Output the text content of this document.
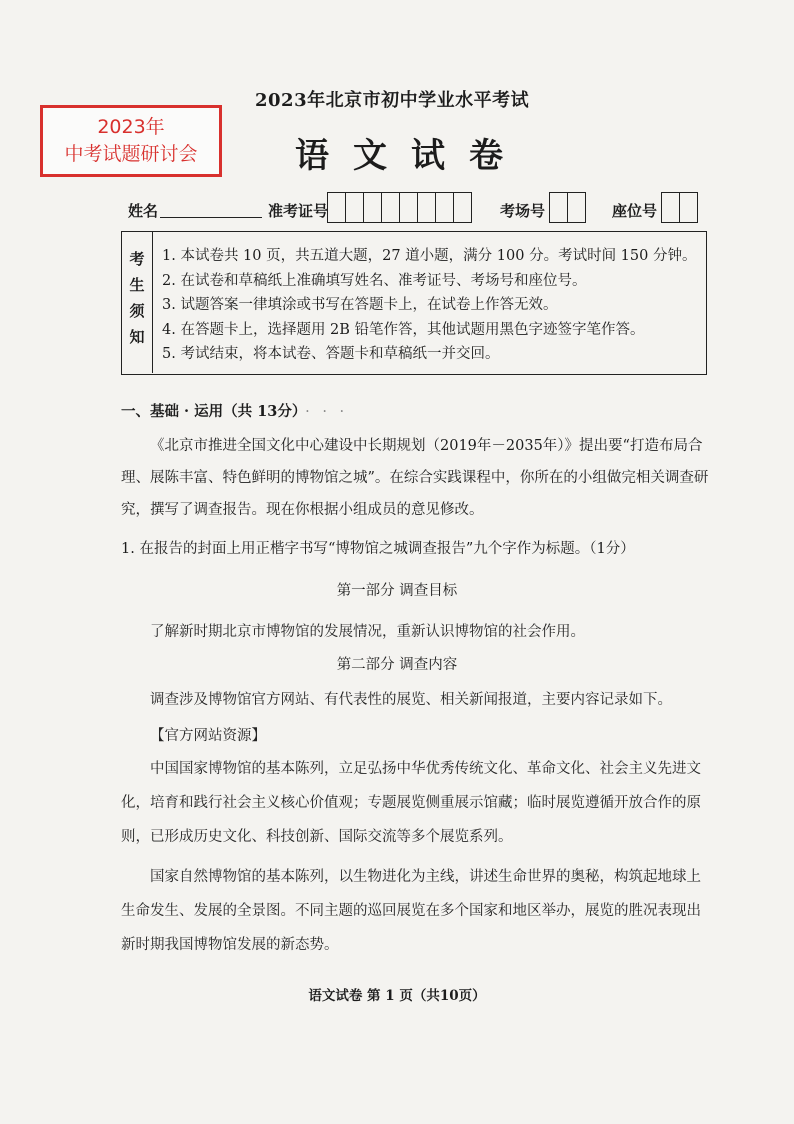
2023年
中考试题研讨会
2023年北京市初中学业水平考试
语文试卷
姓名	准考证号	考场号	座位号
考
生
须
知
1. 本试卷共 10 页，共五道大题，27 道小题，满分 100 分。考试时间 150 分钟。
2. 在试卷和草稿纸上准确填写姓名、准考证号、考场号和座位号。
3. 试题答案一律填涂或书写在答题卡上，在试卷上作答无效。
4. 在答题卡上，选择题用 2B 铅笔作答，其他试题用黑色字迹签字笔作答。
5. 考试结束，将本试卷、答题卡和草稿纸一并交回。
一、基础 · 运用（共 13分） · · ·
《北京市推进全国文化中心建设中长期规划（2019年－2035年）》提出要“打造布局合理、展陈丰富、特色鲜明的博物馆之城”。在综合实践课程中，你所在的小组做完相关调查研究，撰写了调查报告。现在你根据小组成员的意见修改。
1. 在报告的封面上用正楷字书写“博物馆之城调查报告”九个字作为标题。（1分）
第一部分 调查目标
了解新时期北京市博物馆的发展情况，重新认识博物馆的社会作用。
第二部分 调查内容
调查涉及博物馆官方网站、有代表性的展览、相关新闻报道，主要内容记录如下。
【官方网站资源】
中国国家博物馆的基本陈列，立足弘扬中华优秀传统文化、革命文化、社会主义先进文化，培育和践行社会主义核心价值观；专题展览侧重展示馆藏；临时展览遵循开放合作的原则，已形成历史文化、科技创新、国际交流等多个展览系列。
国家自然博物馆的基本陈列，以生物进化为主线，讲述生命世界的奥秘，构筑起地球上生命发生、发展的全景图。不同主题的巡回展览在多个国家和地区举办，展览的胜况表现出新时期我国博物馆发展的新态势。
语文试卷 第 1 页（共10页）
